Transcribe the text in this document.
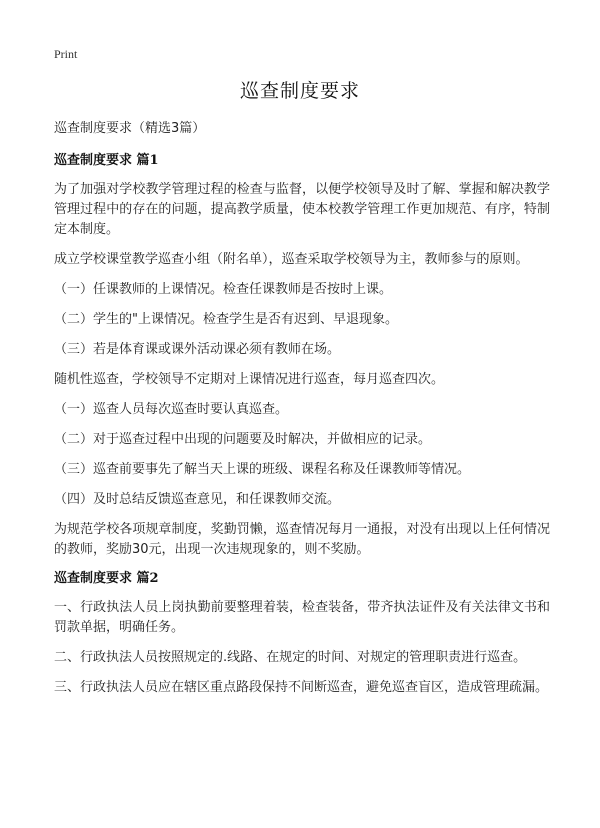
Print
巡查制度要求

巡查制度要求（精选3篇）

巡查制度要求 篇1

为了加强对学校教学管理过程的检查与监督，以便学校领导及时了解、掌握和解决教学管理过程中的存在的问题，提高教学质量，使本校教学管理工作更加规范、有序，特制定本制度。

成立学校课堂教学巡查小组（附名单），巡查采取学校领导为主，教师参与的原则。

（一）任课教师的上课情况。检查任课教师是否按时上课。

（二）学生的"上课情况。检查学生是否有迟到、早退现象。

（三）若是体育课或课外活动课必须有教师在场。

随机性巡查，学校领导不定期对上课情况进行巡查，每月巡查四次。

（一）巡查人员每次巡查时要认真巡查。

（二）对于巡查过程中出现的问题要及时解决，并做相应的记录。

（三）巡查前要事先了解当天上课的班级、课程名称及任课教师等情况。

（四）及时总结反馈巡查意见，和任课教师交流。

为规范学校各项规章制度，奖勤罚懒，巡查情况每月一通报，对没有出现以上任何情况的教师，奖励30元，出现一次违规现象的，则不奖励。

巡查制度要求 篇2

一、行政执法人员上岗执勤前要整理着装，检查装备，带齐执法证件及有关法律文书和罚款单据，明确任务。

二、行政执法人员按照规定的.线路、在规定的时间、对规定的管理职责进行巡查。

三、行政执法人员应在辖区重点路段保持不间断巡查，避免巡查盲区，造成管理疏漏。
